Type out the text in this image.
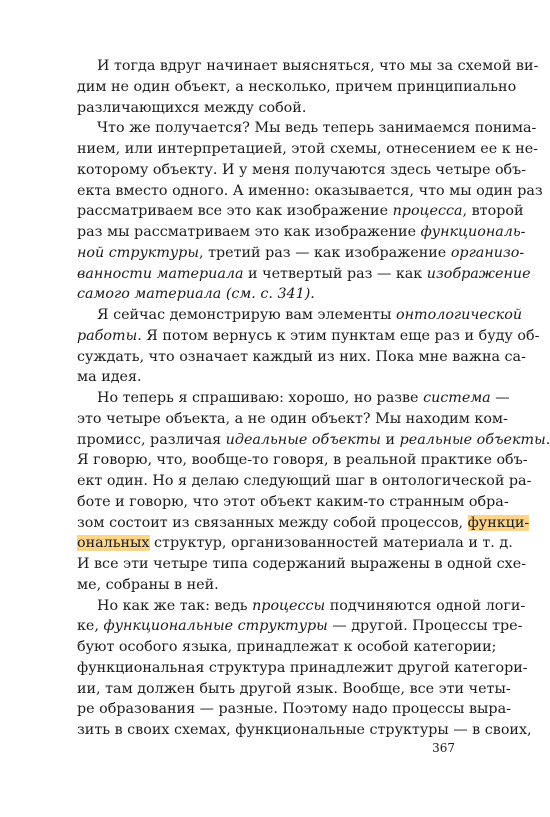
И тогда вдруг начинает выясняться, что мы за схемой ви-
дим не один объект, а несколько, причем принципиально
различающихся между собой.
Что же получается? Мы ведь теперь занимаемся понима-
нием, или интерпретацией, этой схемы, отнесением ее к не-
которому объекту. И у меня получаются здесь четыре объ-
екта вместо одного. А именно: оказывается, что мы один раз
рассматриваем все это как изображение процесса, второй
раз мы рассматриваем это как изображение функциональ-
ной структуры, третий раз — как изображение организо-
ванности материала и четвертый раз — как изображение
самого материала (см. с. 341).
Я сейчас демонстрирую вам элементы онтологической
работы. Я потом вернусь к этим пунктам еще раз и буду об-
суждать, что означает каждый из них. Пока мне важна са-
ма идея.
Но теперь я спрашиваю: хорошо, но разве система —
это четыре объекта, а не один объект? Мы находим ком-
промисс, различая идеальные объекты и реальные объекты.
Я говорю, что, вообще-то говоря, в реальной практике объ-
ект один. Но я делаю следующий шаг в онтологической ра-
боте и говорю, что этот объект каким-то странным обра-
зом состоит из связанных между собой процессов, функци-
ональных структур, организованностей материала и т. д.
И все эти четыре типа содержаний выражены в одной схе-
ме, собраны в ней.
Но как же так: ведь процессы подчиняются одной логи-
ке, функциональные структуры — другой. Процессы тре-
буют особого языка, принадлежат к особой категории;
функциональная структура принадлежит другой категори-
ии, там должен быть другой язык. Вообще, все эти четы-
ре образования — разные. Поэтому надо процессы выра-
зить в своих схемах, функциональные структуры — в своих,
367
